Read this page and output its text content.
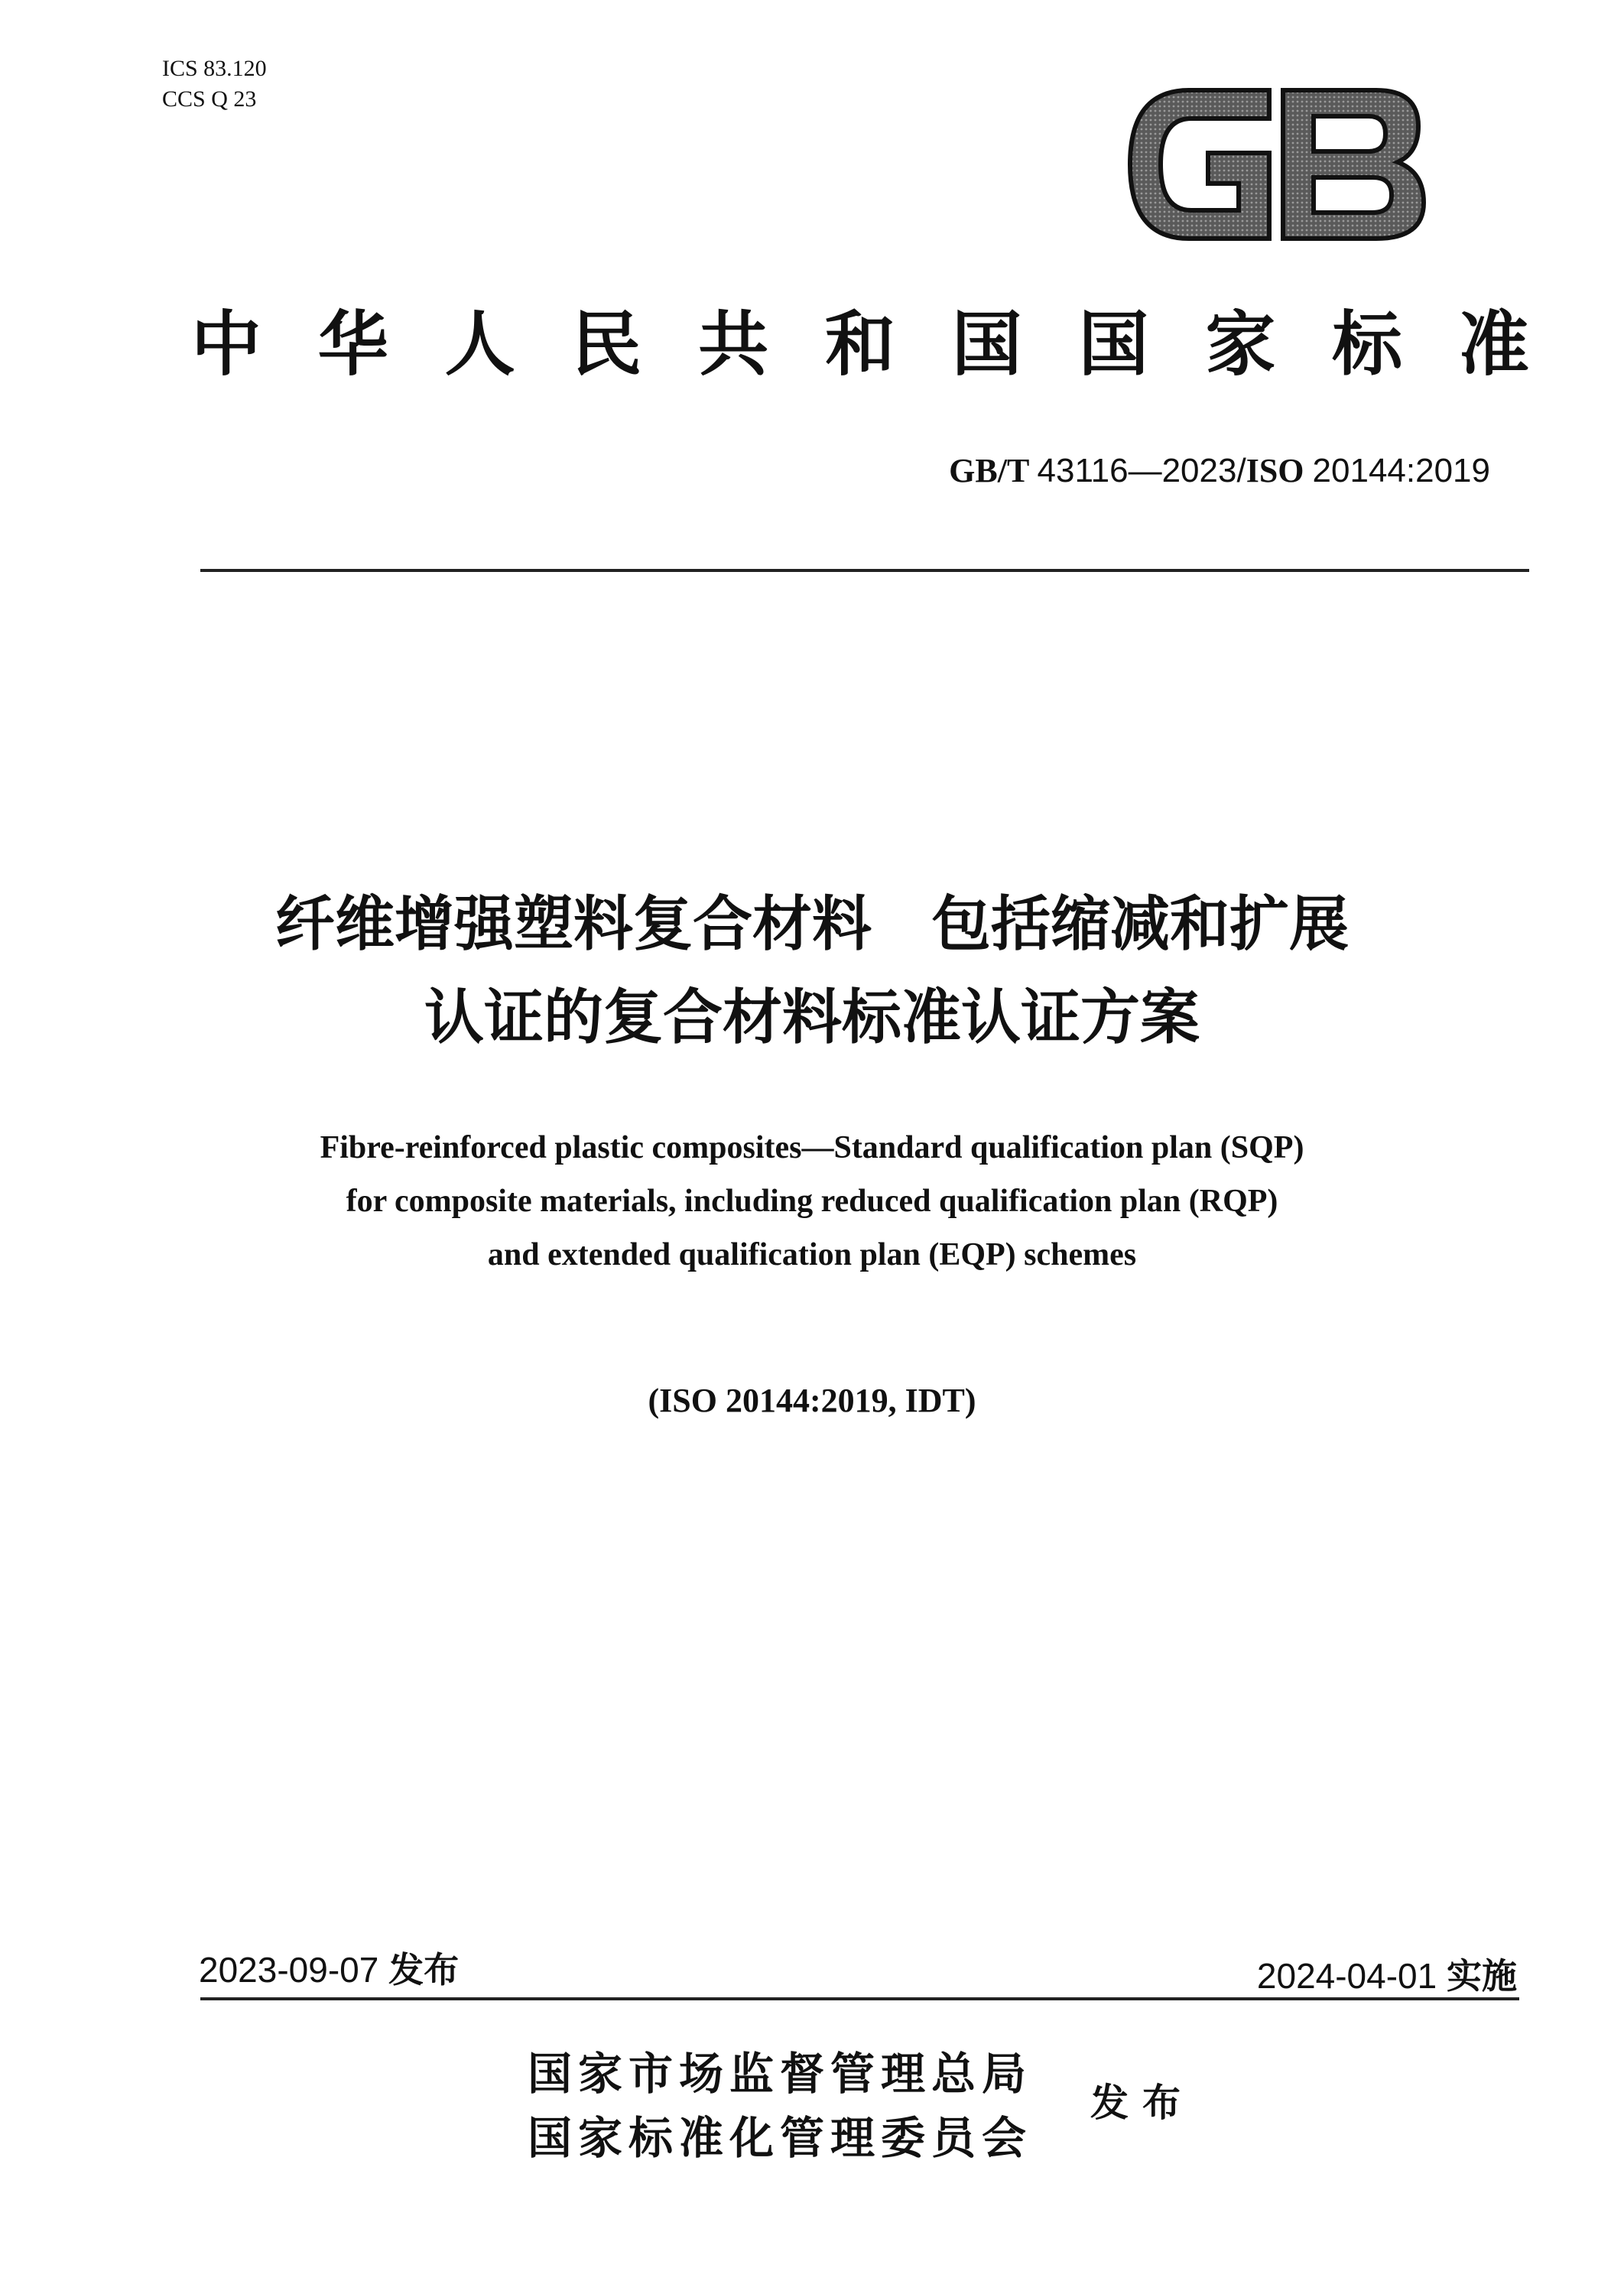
ICS 83.120
CCS Q 23
中 华 人 民 共 和 国 国 家 标 准
GB/T 43116—2023/ISO 20144:2019
纤维增强塑料复合材料　包括缩减和扩展
认证的复合材料标准认证方案
Fibre-reinforced plastic composites—Standard qualification plan (SQP)
for composite materials, including reduced qualification plan (RQP)
and extended qualification plan (EQP) schemes
(ISO 20144:2019, IDT)
2023-09-07 发布	2024-04-01 实施
国家市场监督管理总局
国家标准化管理委员会
发布
